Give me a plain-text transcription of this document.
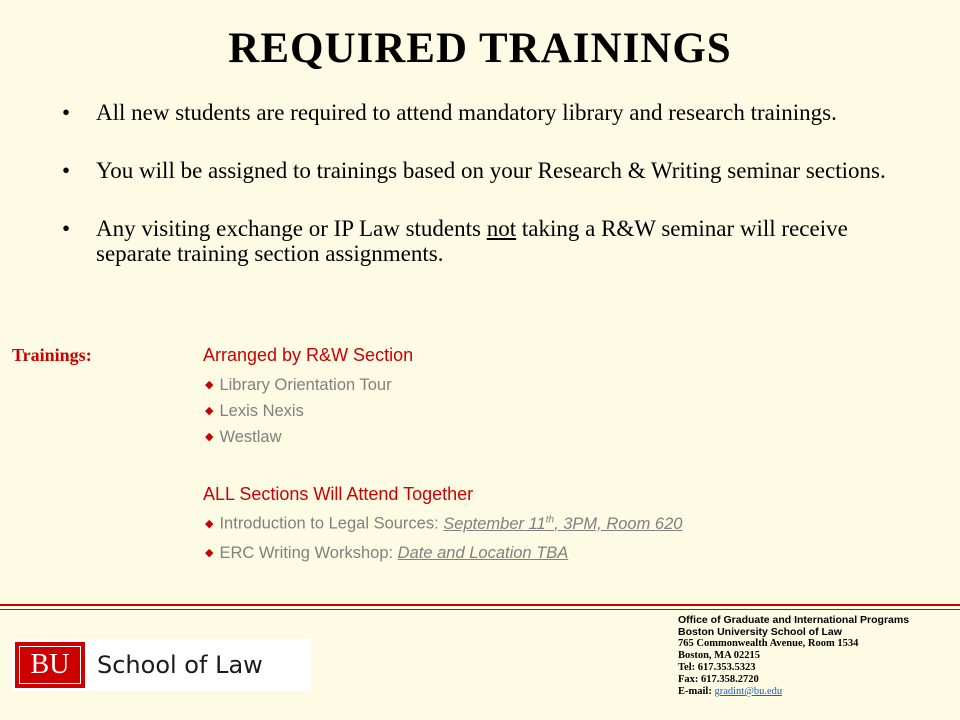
REQUIRED TRAININGS
• All new students are required to attend mandatory library and research trainings.
• You will be assigned to trainings based on your Research & Writing seminar sections.
• Any visiting exchange or IP Law students not taking a R&W seminar will receive separate training section assignments.
Trainings:	Arranged by R&W Section
◆ Library Orientation Tour
◆ Lexis Nexis
◆ Westlaw
ALL Sections Will Attend Together
◆ Introduction to Legal Sources: September 11th, 3PM, Room 620
◆ ERC Writing Workshop: Date and Location TBA
BU	School of Law
Office of Graduate and International Programs
Boston University School of Law
765 Commonwealth Avenue, Room 1534
Boston, MA 02215
Tel: 617.353.5323
Fax: 617.358.2720
E-mail: gradint@bu.edu
